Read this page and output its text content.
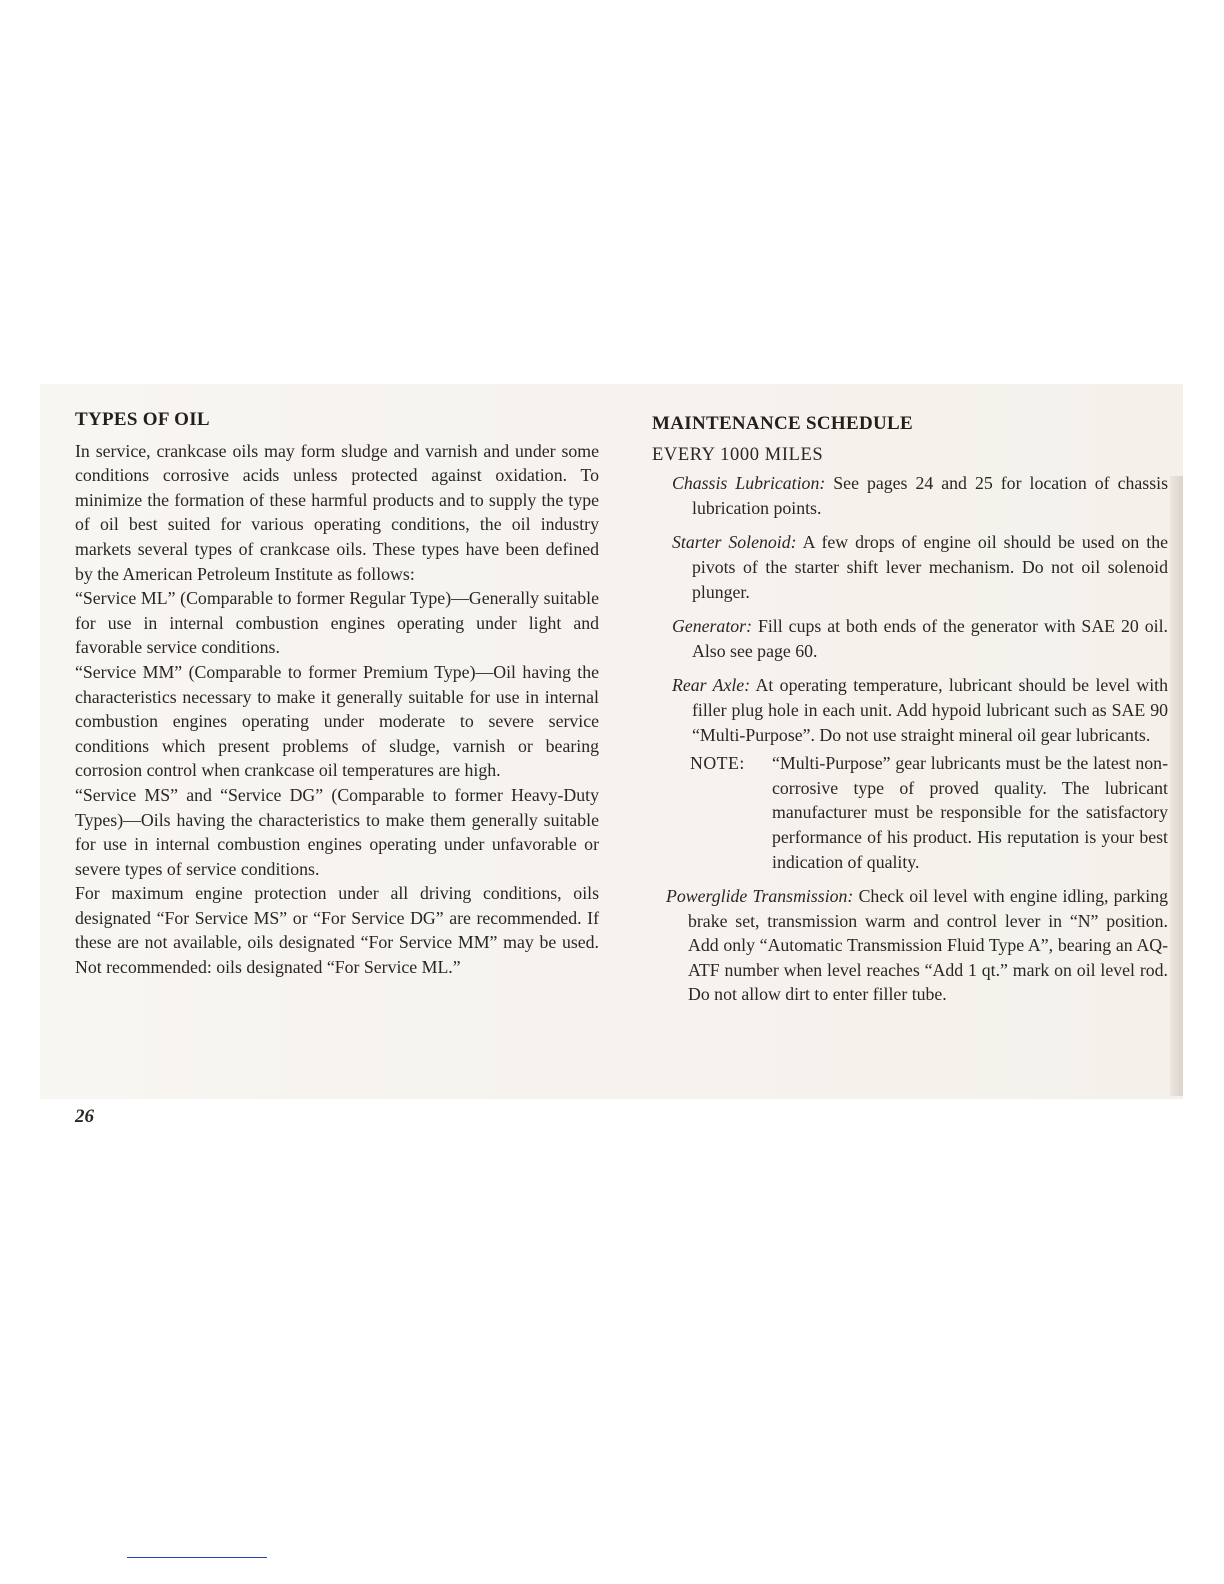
TYPES OF OIL

In service, crankcase oils may form sludge and varnish and under some conditions corrosive acids unless protected against oxidation. To minimize the formation of these harmful products and to supply the type of oil best suited for various operating conditions, the oil industry markets several types of crankcase oils. These types have been defined by the American Petroleum Institute as follows:

“Service ML” (Comparable to former Regular Type)—Generally suitable for use in internal combustion engines operating under light and favorable service conditions.

“Service MM” (Comparable to former Premium Type)—Oil having the characteristics necessary to make it generally suitable for use in internal combustion engines operating under moderate to severe service conditions which present problems of sludge, varnish or bearing corrosion control when crankcase oil temperatures are high.

“Service MS” and “Service DG” (Comparable to former Heavy-Duty Types)—Oils having the characteristics to make them generally suitable for use in internal combustion engines operating under unfavorable or severe types of service conditions.

For maximum engine protection under all driving conditions, oils designated “For Service MS” or “For Service DG” are recommended. If these are not available, oils designated “For Service MM” may be used. Not recommended: oils designated “For Service ML.”

MAINTENANCE SCHEDULE
EVERY 1000 MILES
Chassis Lubrication: See pages 24 and 25 for location of chassis lubrication points.
Starter Solenoid: A few drops of engine oil should be used on the pivots of the starter shift lever mechanism. Do not oil solenoid plunger.
Generator: Fill cups at both ends of the generator with SAE 20 oil. Also see page 60.
Rear Axle: At operating temperature, lubricant should be level with filler plug hole in each unit. Add hypoid lubricant such as SAE 90 “Multi-Purpose”. Do not use straight mineral oil gear lubricants.
NOTE: “Multi-Purpose” gear lubricants must be the latest non-corrosive type of proved quality. The lubricant manufacturer must be responsible for the satisfactory performance of his product. His reputation is your best indication of quality.
Powerglide Transmission: Check oil level with engine idling, parking brake set, transmission warm and control lever in “N” position. Add only “Automatic Transmission Fluid Type A”, bearing an AQ-ATF number when level reaches “Add 1 qt.” mark on oil level rod. Do not allow dirt to enter filler tube.
26
